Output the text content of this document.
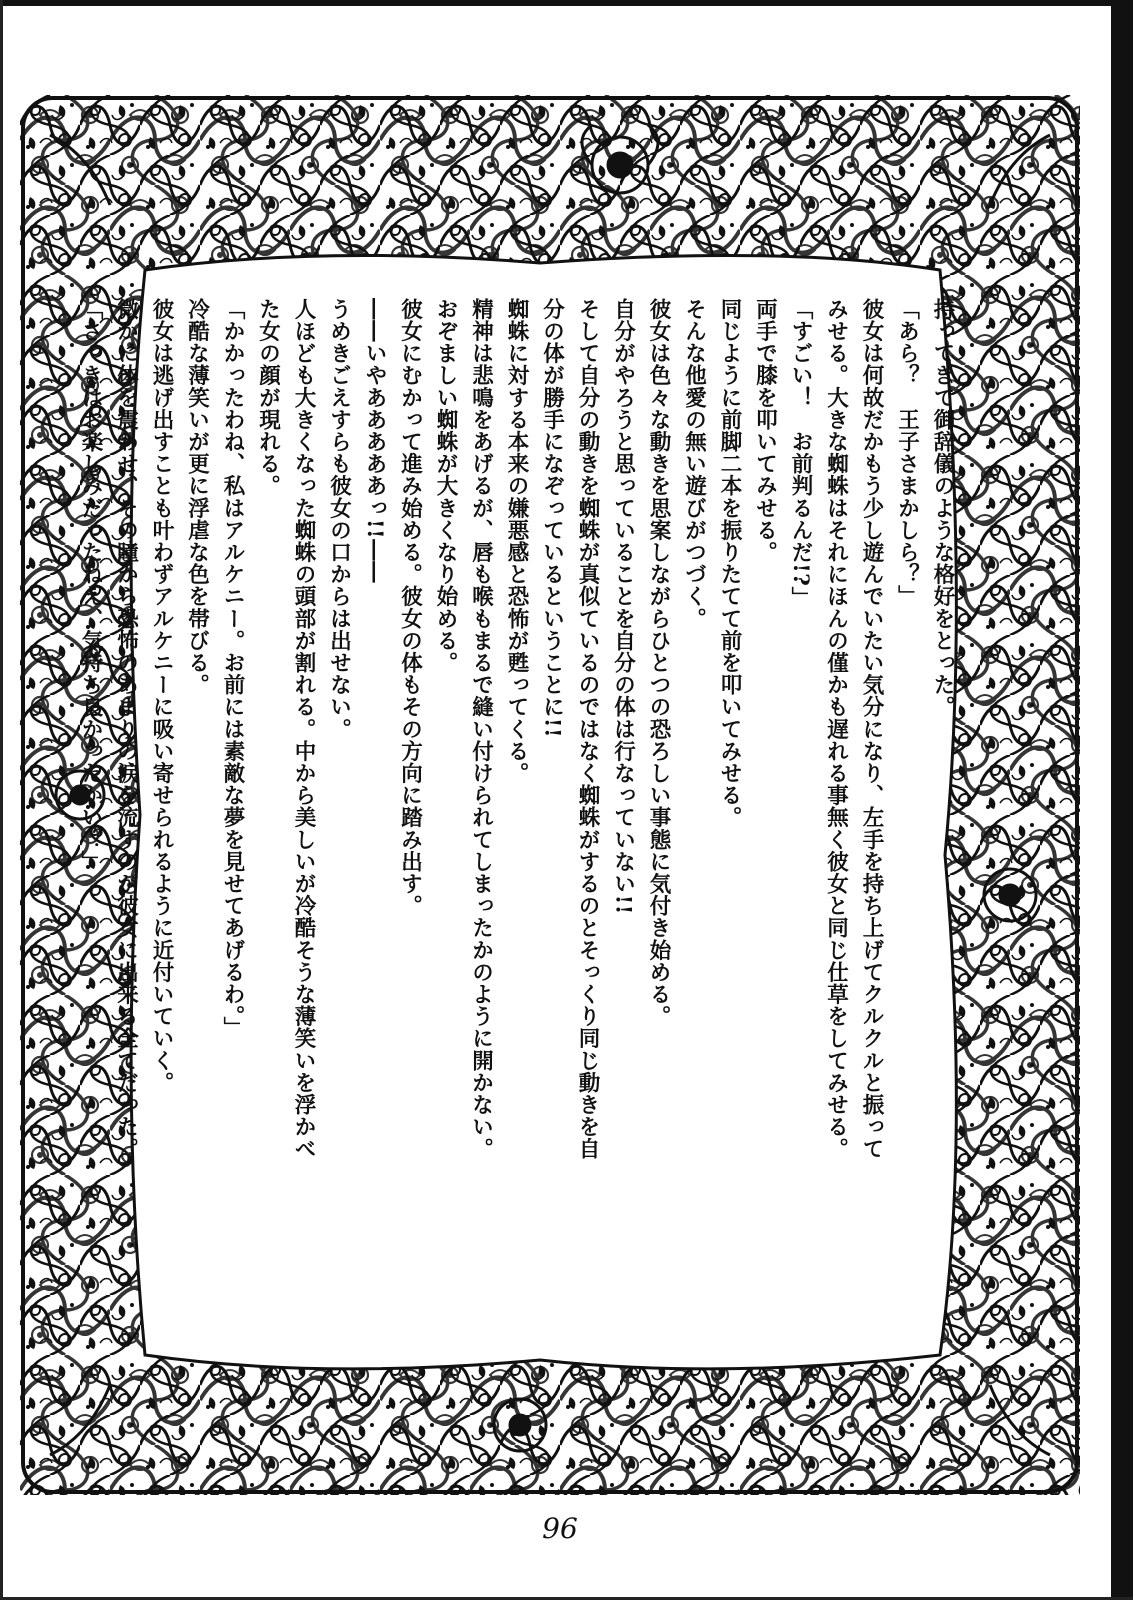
持ってきて御辞儀のような格好をとった。

「あら？　王子さまかしら？」

彼女は何故だかもう少し遊んでいたい気分になり、左手を持ち上げてクルクルと振って

みせる。大きな蜘蛛はそれにほんの僅かも遅れる事無く彼女と同じ仕草をしてみせる。

「すごい！　お前判るんだ!?」

両手で膝を叩いてみせる。

同じように前脚二本を振りたてて前を叩いてみせる。

そんな他愛の無い遊びがつづく。

彼女は色々な動きを思案しながらひとつの恐ろしい事態に気付き始める。

自分がやろうと思っていることを自分の体は行なっていない!!

そして自分の動きを蜘蛛が真似ているのではなく蜘蛛がするのとそっくり同じ動きを自

分の体が勝手になぞっているということに!!

蜘蛛に対する本来の嫌悪感と恐怖が甦ってくる。

精神は悲鳴をあげるが、唇も喉もまるで縫い付けられてしまったかのように開かない。

おぞましい蜘蛛が大きくなり始める。

彼女にむかって進み始める。彼女の体もその方向に踏み出す。

――いやあああああっ!!――

うめきごえすらも彼女の口からは出せない。

人ほども大きくなった蜘蛛の頭部が割れる。中から美しいが冷酷そうな薄笑いを浮かべ

た女の顔が現れる。

「かかったわね、私はアルケニー。お前には素敵な夢を見せてあげるわ。」

冷酷な薄笑いが更に浮虐な色を帯びる。

彼女は逃げ出すことも叶わずアルケニーに吸い寄せられるように近付いていく。

微かに体を震わせ、その瞳から恐怖のあまりの涙を流すのが彼女に出来る全てだった。

「さっきはお楽しみだったねえ、気持ち良かったかい？」

96
